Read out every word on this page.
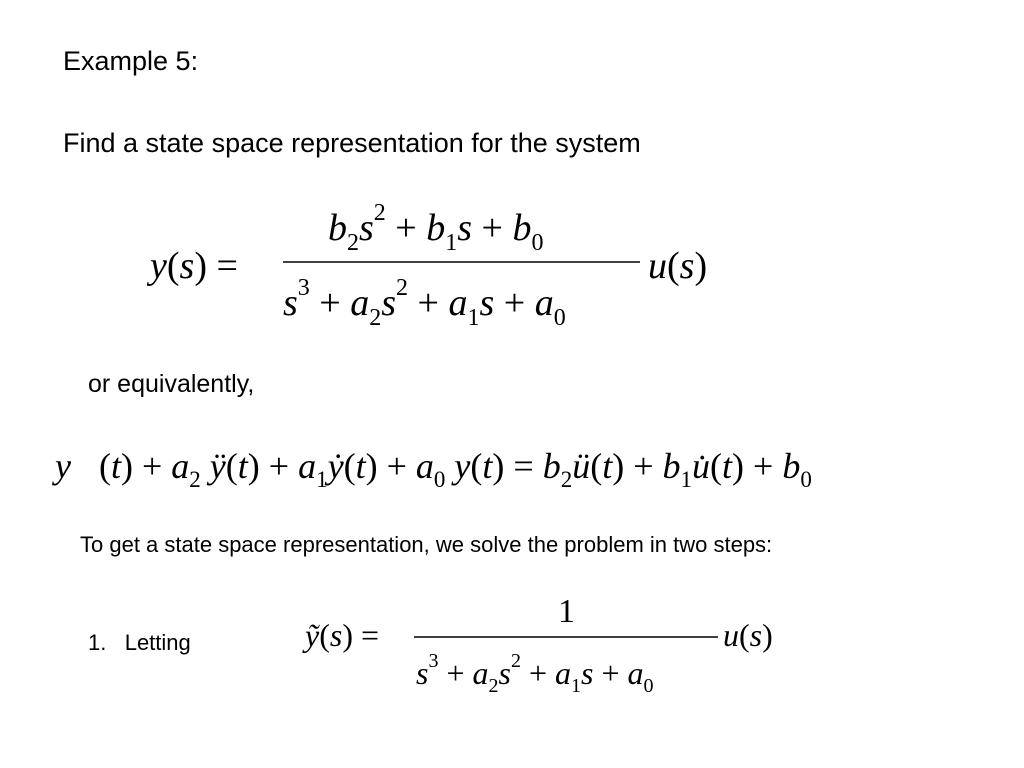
Example 5:
Find a state space representation for the system
or equivalently,
To get a state space representation, we solve the problem in two steps:
1. Letting
y(s) =
$b_2s^2 + b_1s + b_0$
$s^3 + a_2s^2 + a_1s + a_0$
u(s)
y⃛(t) + $a_2$ ÿ(t) + $a_1ẏ(t) + a_0$ $y(t) = b_2ü(t)$ + $b_1u̇(t) + b_0$
ỹ(s) =
1
$s^3 + a_2s^2 + a_1s + a_0$
u(s)
